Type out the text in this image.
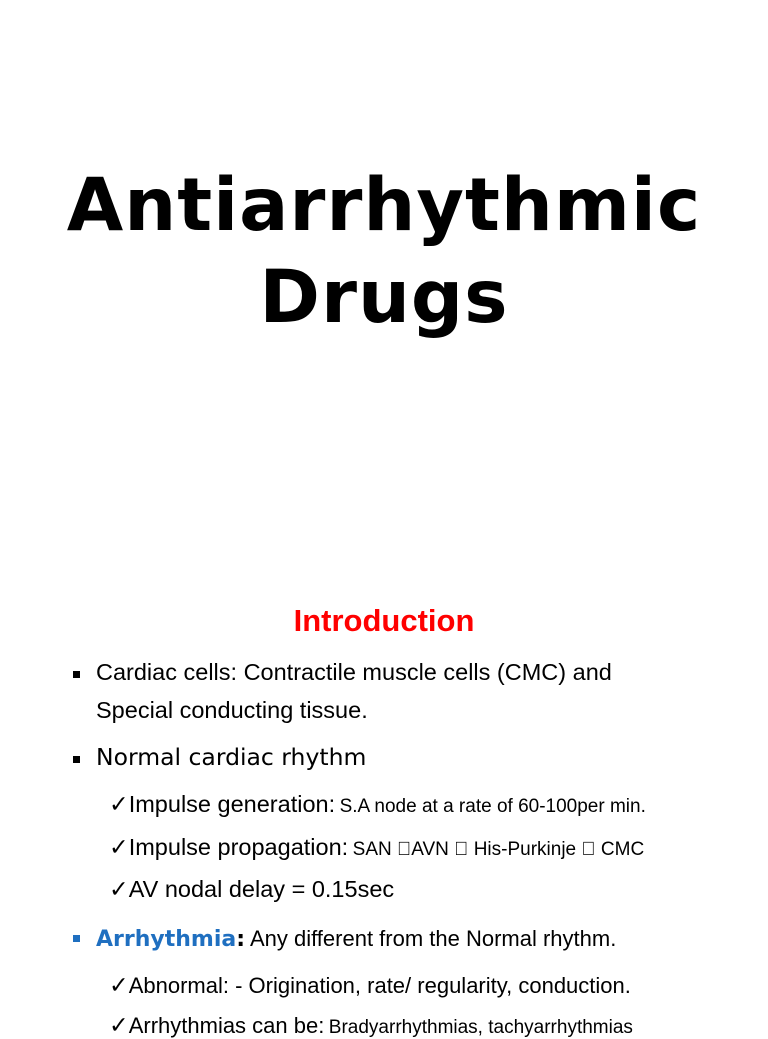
Antiarrhythmic
Drugs
Introduction
Cardiac cells: Contractile muscle cells (CMC) and
Special conducting tissue.
Normal cardiac rhythm
✓Impulse generation: S.A node at a rate of 60-100per min.
✓Impulse propagation: SAN AVN His-Purkinje CMC
✓AV nodal delay = 0.15sec
Arrhythmia: Any different from the Normal rhythm.
✓Abnormal: - Origination, rate/ regularity, conduction.
✓Arrhythmias can be: Bradyarrhythmias, tachyarrhythmias
